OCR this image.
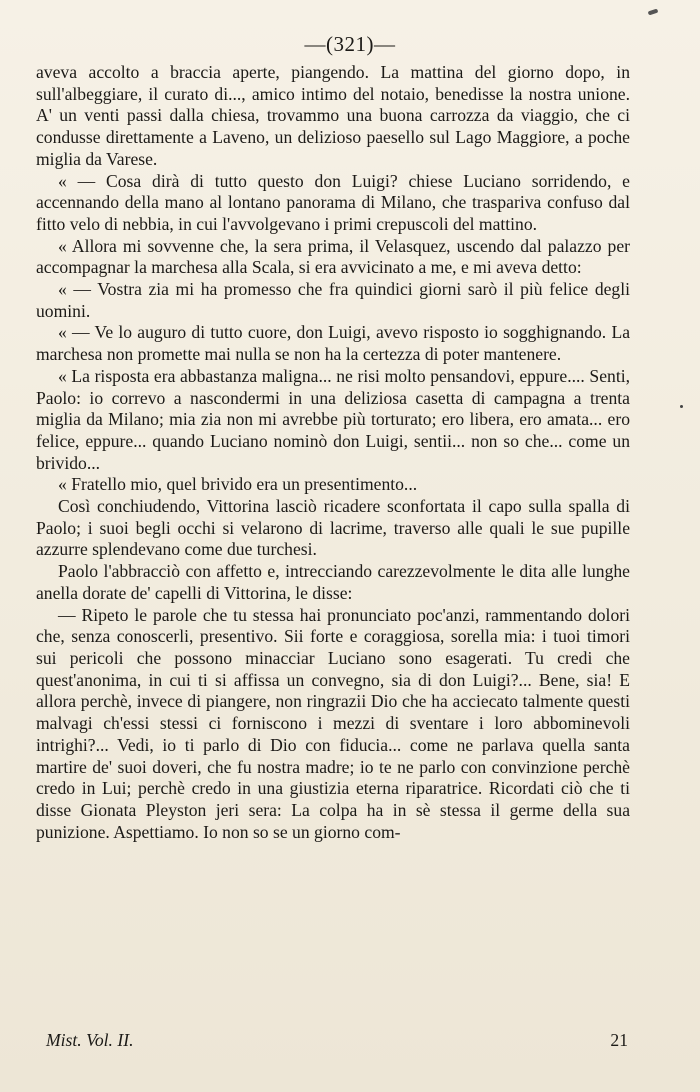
—(321)—

aveva accolto a braccia aperte, piangendo. La mattina del giorno dopo, in sull'albeggiare, il curato di..., amico intimo del notaio, benedisse la nostra unione. A' un venti passi dalla chiesa, trovammo una buona carrozza da viaggio, che ci condusse direttamente a Laveno, un delizioso paesello sul Lago Maggiore, a poche miglia da Varese.

« — Cosa dirà di tutto questo don Luigi? chiese Luciano sorridendo, e accennando della mano al lontano panorama di Milano, che traspariva confuso dal fitto velo di nebbia, in cui l'avvolgevano i primi crepuscoli del mattino.

« Allora mi sovvenne che, la sera prima, il Velasquez, uscendo dal palazzo per accompagnar la marchesa alla Scala, si era avvicinato a me, e mi aveva detto:

« — Vostra zia mi ha promesso che fra quindici giorni sarò il più felice degli uomini.

« — Ve lo auguro di tutto cuore, don Luigi, avevo risposto io sogghignando. La marchesa non promette mai nulla se non ha la certezza di poter mantenere.

« La risposta era abbastanza maligna... ne risi molto pensandovi, eppure.... Senti, Paolo: io correvo a nascondermi in una deliziosa casetta di campagna a trenta miglia da Milano; mia zia non mi avrebbe più torturato; ero libera, ero amata... ero felice, eppure... quando Luciano nominò don Luigi, sentii... non so che... come un brivido...

« Fratello mio, quel brivido era un presentimento...

Così conchiudendo, Vittorina lasciò ricadere sconfortata il capo sulla spalla di Paolo; i suoi begli occhi si velarono di lacrime, traverso alle quali le sue pupille azzurre splendevano come due turchesi.

Paolo l'abbracciò con affetto e, intrecciando carezzevolmente le dita alle lunghe anella dorate de' capelli di Vittorina, le disse:

— Ripeto le parole che tu stessa hai pronunciato poc'anzi, rammentando dolori che, senza conoscerli, presentivo. Sii forte e coraggiosa, sorella mia: i tuoi timori sui pericoli che possono minacciar Luciano sono esagerati. Tu credi che quest'anonima, in cui ti si affissa un convegno, sia di don Luigi?... Bene, sia! E allora perchè, invece di piangere, non ringrazii Dio che ha acciecato talmente questi malvagi ch'essi stessi ci forniscono i mezzi di sventare i loro abbominevoli intrighi?... Vedi, io ti parlo di Dio con fiducia... come ne parlava quella santa martire de' suoi doveri, che fu nostra madre; io te ne parlo con convinzione perchè credo in Lui; perchè credo in una giustizia eterna riparatrice. Ricordati ciò che ti disse Gionata Pleyston jeri sera: La colpa ha in sè stessa il germe della sua punizione. Aspettiamo. Io non so se un giorno com-

Mist. Vol. II.	21
